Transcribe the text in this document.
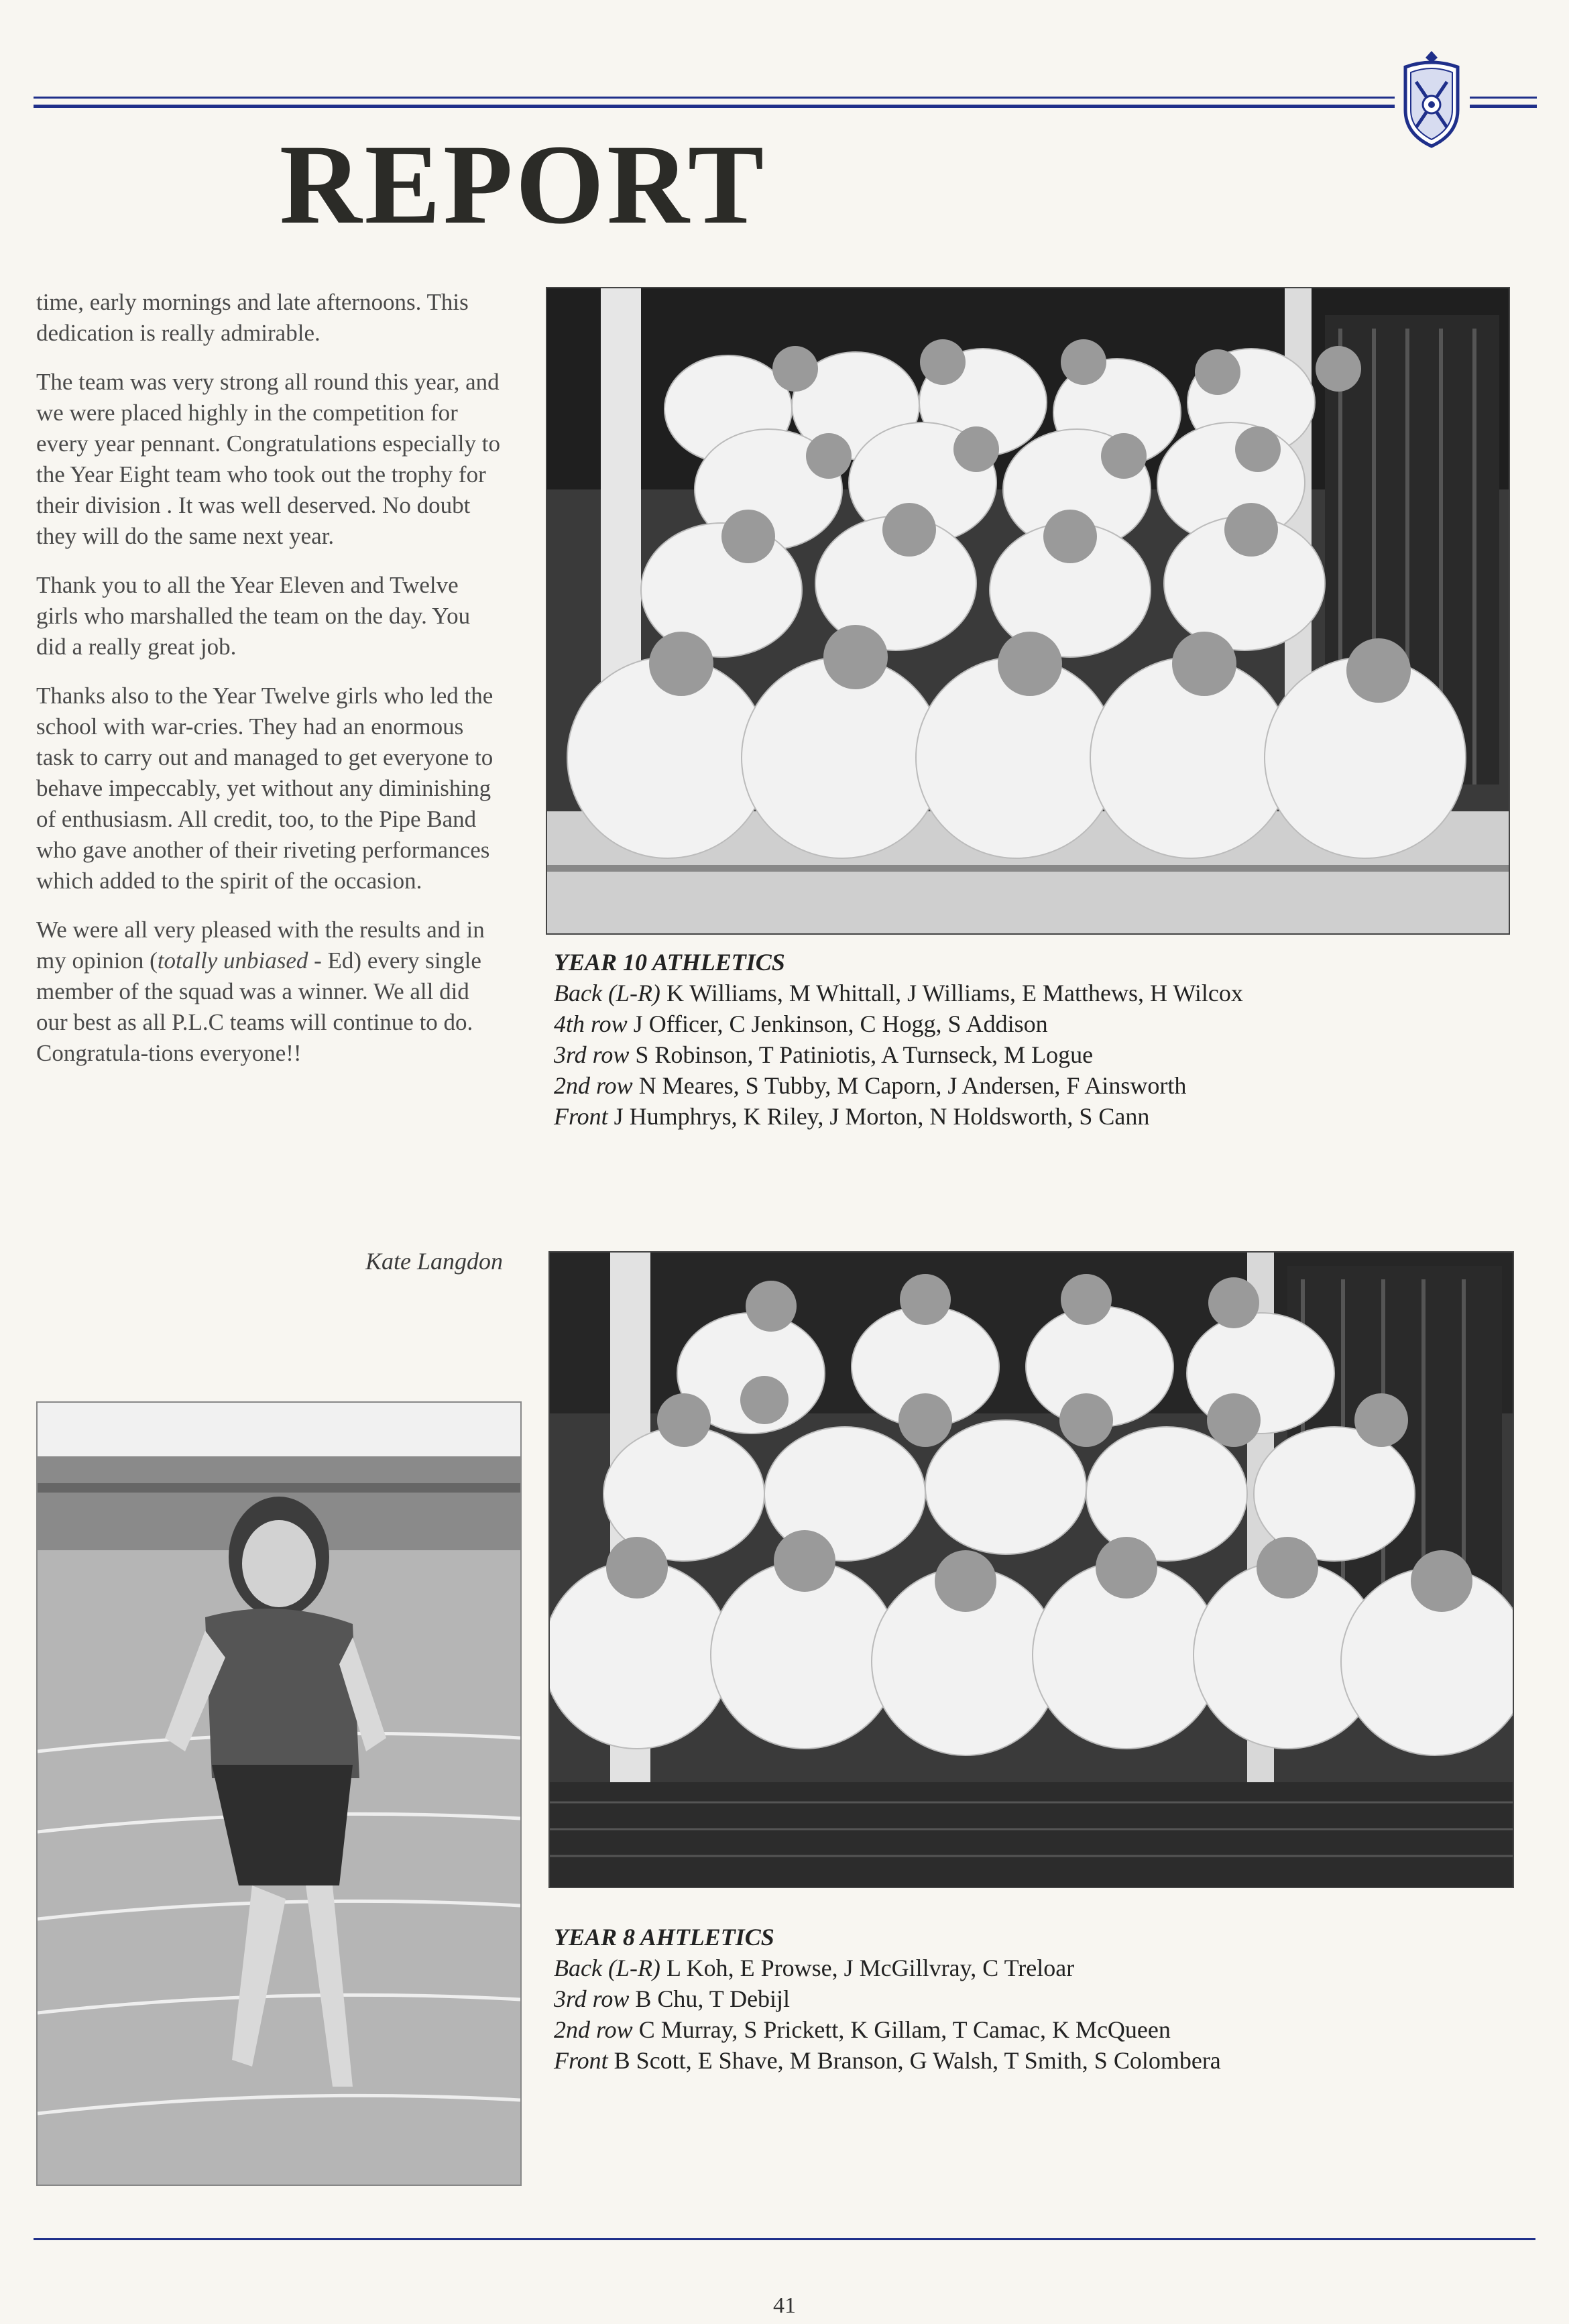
REPORT

time, early mornings and late afternoons. This dedication is really admirable.

The team was very strong all round this year, and we were placed highly in the competition for every year pennant. Congratulations especially to the Year Eight team who took out the trophy for their division . It was well deserved. No doubt they will do the same next year.

Thank you to all the Year Eleven and Twelve girls who marshalled the team on the day. You did a really great job.

Thanks also to the Year Twelve girls who led the school with war-cries. They had an enormous task to carry out and managed to get everyone to behave impeccably, yet without any diminishing of enthusiasm. All credit, too, to the Pipe Band who gave another of their riveting performances which added to the spirit of the occasion.

We were all very pleased with the results and in my opinion (totally unbiased - Ed) every single member of the squad was a winner. We all did our best as all P.L.C teams will continue to do. Congratula-tions everyone!!

Kate Langdon
YEAR 10 ATHLETICS
Back (L-R) K Williams, M Whittall, J Williams, E Matthews, H Wilcox
4th row J Officer, C Jenkinson, C Hogg, S Addison
3rd row S Robinson, T Patiniotis, A Turnseck, M Logue
2nd row N Meares, S Tubby, M Caporn, J Andersen, F Ainsworth
Front J Humphrys, K Riley, J Morton, N Holdsworth, S Cann
YEAR 8 AHTLETICS
Back (L-R) L Koh, E Prowse, J McGillvray, C Treloar
3rd row B Chu, T Debijl
2nd row C Murray, S Prickett, K Gillam, T Camac, K McQueen
Front B Scott, E Shave, M Branson, G Walsh, T Smith, S Colombera
41
